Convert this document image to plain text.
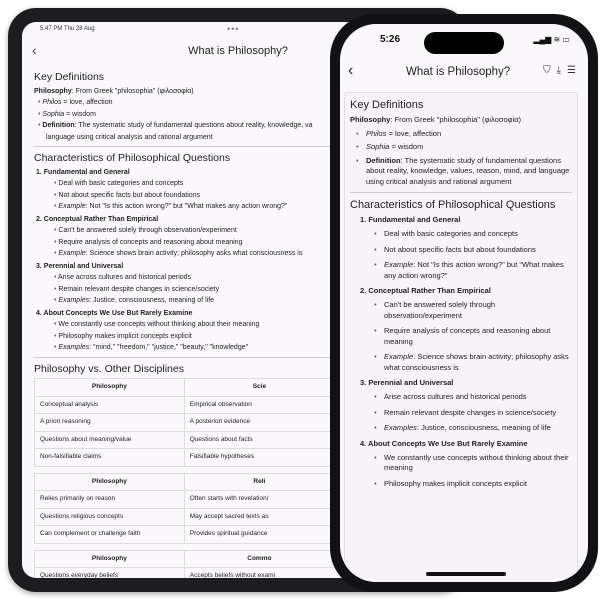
5:47 PM Thu 28 Aug	•••
‹	What is Philosophy?
Key Definitions
Philosophy: From Greek "philosophia" (φιλοσοφία)
• Philos = love, affection
• Sophia = wisdom
• Definition: The systematic study of fundamental questions about reality, knowledge, va
language using critical analysis and rational argument
Characteristics of Philosophical Questions
1. Fundamental and General
• Deal with basic categories and concepts
• Not about specific facts but about foundations
• Example: Not "Is this action wrong?" but "What makes any action wrong?"
2. Conceptual Rather Than Empirical
• Can't be answered solely through observation/experiment
• Require analysis of concepts and reasoning about meaning
• Example: Science shows brain activity; philosophy asks what consciousness is
3. Perennial and Universal
• Arise across cultures and historical periods
• Remain relevant despite changes in science/society
• Examples: Justice, consciousness, meaning of life
4. About Concepts We Use But Rarely Examine
• We constantly use concepts without thinking about their meaning
• Philosophy makes implicit concepts explicit
• Examples: "mind," "freedom," "justice," "beauty," "knowledge"
Philosophy vs. Other Disciplines
Philosophy	Scie
Conceptual analysis	Empirical observation
A priori reasoning	A posteriori evidence
Questions about meaning/value	Questions about facts
Non-falsifiable claims	Falsifiable hypotheses
Philosophy	Reli
Relies primarily on reason	Often starts with revelation/
Questions religious concepts	May accept sacred texts as
Can complement or challenge faith	Provides spiritual guidance
Philosophy	Commo
Questions everyday beliefs	Accepts beliefs without exami
5:26	▂▄▆ ≋ ▭
‹	What is Philosophy?	⛉⤓☰
Key Definitions
Philosophy: From Greek "philosophia" (φιλοσοφία)
• Philos = love, affection
• Sophia = wisdom
• Definition: The systematic study of fundamental questions about reality, knowledge, values, reason, mind, and language using critical analysis and rational argument
Characteristics of Philosophical Questions
1. Fundamental and General
• Deal with basic categories and concepts
• Not about specific facts but about foundations
• Example: Not "Is this action wrong?" but "What makes any action wrong?"
2. Conceptual Rather Than Empirical
• Can't be answered solely through observation/experiment
• Require analysis of concepts and reasoning about meaning
• Example: Science shows brain activity; philosophy asks what consciousness is
3. Perennial and Universal
• Arise across cultures and historical periods
• Remain relevant despite changes in science/society
• Examples: Justice, consciousness, meaning of life
4. About Concepts We Use But Rarely Examine
• We constantly use concepts without thinking about their meaning
• Philosophy makes implicit concepts explicit
